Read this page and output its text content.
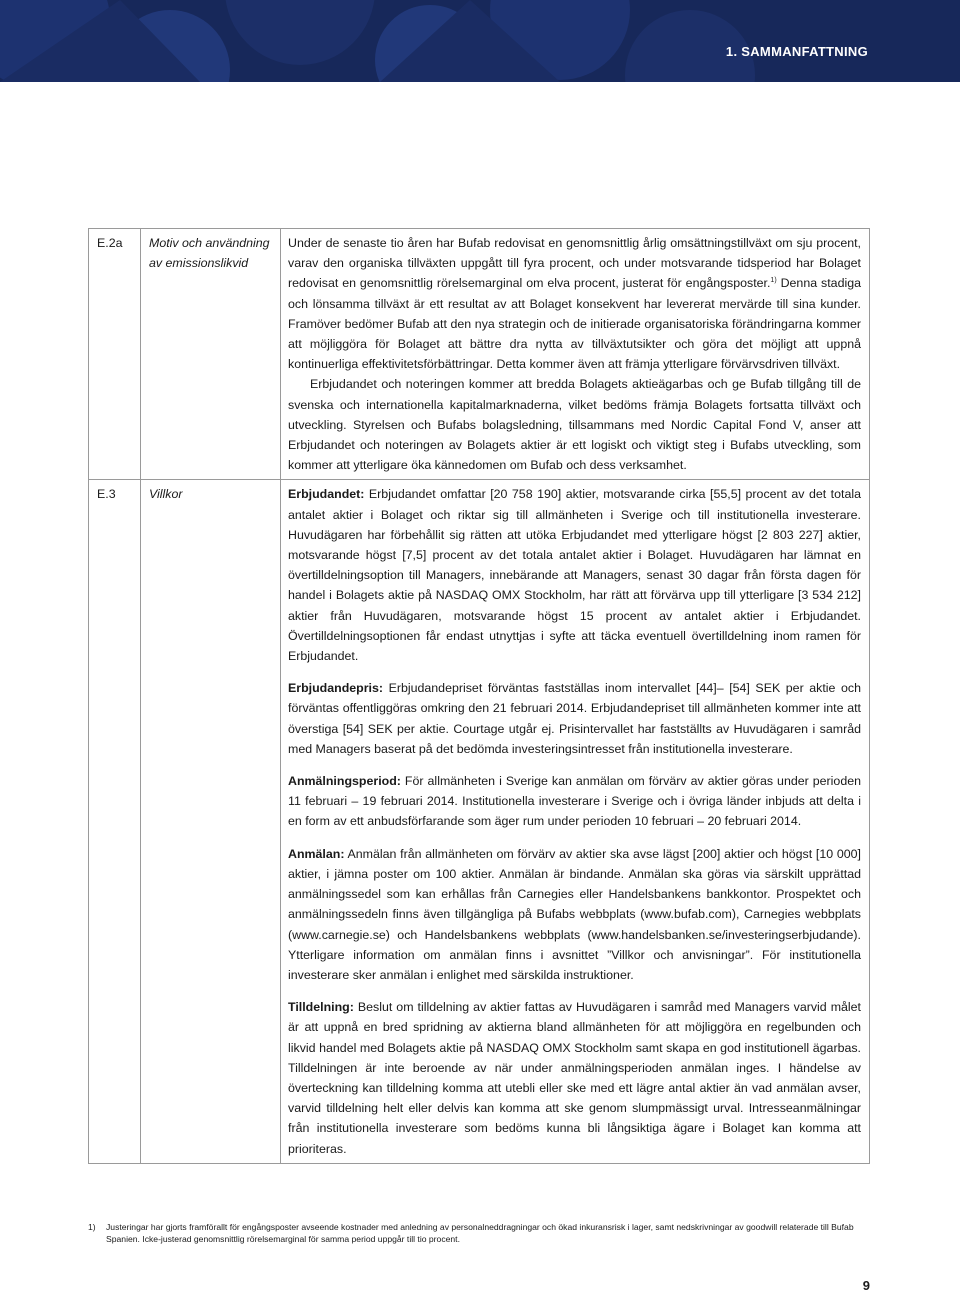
1. SAMMANFATTNING
E.2a	Motiv och användning av emissionslikvid	Under de senaste tio åren har Bufab redovisat en genomsnittlig årlig omsättningstillväxt om sju procent, varav den organiska tillväxten uppgått till fyra procent, och under motsvarande tidsperiod har Bolaget redovisat en genomsnittlig rörelsemarginal om elva procent, justerat för engångsposter.$^{1)}$ Denna stadiga och lönsamma tillväxt är ett resultat av att Bolaget konsekvent har levererat mervärde till sina kunder. Framöver bedömer Bufab att den nya strategin och de initierade organisatoriska förändringarna kommer att möjliggöra för Bolaget att bättre dra nytta av tillväxtutsikter och göra det möjligt att uppnå kontinuerliga effektivitetsförbättringar. Detta kommer även att främja ytterligare förvärvsdriven tillväxt.

Erbjudandet och noteringen kommer att bredda Bolagets aktieägarbas och ge Bufab tillgång till de svenska och internationella kapitalmarknaderna, vilket bedöms främja Bolagets fortsatta tillväxt och utveckling. Styrelsen och Bufabs bolagsledning, tillsammans med Nordic Capital Fond V, anser att Erbjudandet och noteringen av Bolagets aktier är ett logiskt och viktigt steg i Bufabs utveckling, som kommer att ytterligare öka kännedomen om Bufab och dess verksamhet.

E.3	Villkor	Erbjudandet: Erbjudandet omfattar [20 758 190] aktier, motsvarande cirka [55,5] procent av det totala antalet aktier i Bolaget och riktar sig till allmänheten i Sverige och till institutionella investerare. Huvudägaren har förbehållit sig rätten att utöka Erbjudandet med ytterligare högst [2 803 227] aktier, motsvarande högst [7,5] procent av det totala antalet aktier i Bolaget. Huvudägaren har lämnat en övertilldelningsoption till Managers, innebärande att Managers, senast 30 dagar från första dagen för handel i Bolagets aktie på NASDAQ OMX Stockholm, har rätt att förvärva upp till ytterligare [3 534 212] aktier från Huvudägaren, motsvarande högst 15 procent av antalet aktier i Erbjudandet. Övertilldelningsoptionen får endast utnyttjas i syfte att täcka eventuell övertilldelning inom ramen för Erbjudandet.

Erbjudandepris: Erbjudandepriset förväntas fastställas inom intervallet [44]– [54] SEK per aktie och förväntas offentliggöras omkring den 21 februari 2014. Erbjudandepriset till allmänheten kommer inte att överstiga [54] SEK per aktie. Courtage utgår ej. Prisintervallet har fastställts av Huvudägaren i samråd med Managers baserat på det bedömda investeringsintresset från institutionella investerare.

Anmälningsperiod: För allmänheten i Sverige kan anmälan om förvärv av aktier göras under perioden 11 februari – 19 februari 2014. Institutionella investerare i Sverige och i övriga länder inbjuds att delta i en form av ett anbudsförfarande som äger rum under perioden 10 februari – 20 februari 2014.

Anmälan: Anmälan från allmänheten om förvärv av aktier ska avse lägst [200] aktier och högst [10 000] aktier, i jämna poster om 100 aktier. Anmälan är bindande. Anmälan ska göras via särskilt upprättad anmälningssedel som kan erhållas från Carnegies eller Handelsbankens bankkontor. Prospektet och anmälningssedeln finns även tillgängliga på Bufabs webbplats (www.bufab.com), Carnegies webbplats (www.carnegie.se) och Handelsbankens webbplats (www.handelsbanken.se/investeringserbjudande). Ytterligare information om anmälan finns i avsnittet ”Villkor och anvisningar”. För institutionella investerare sker anmälan i enlighet med särskilda instruktioner.

Tilldelning: Beslut om tilldelning av aktier fattas av Huvudägaren i samråd med Managers varvid målet är att uppnå en bred spridning av aktierna bland allmänheten för att möjliggöra en regelbunden och likvid handel med Bolagets aktie på NASDAQ OMX Stockholm samt skapa en god institutionell ägarbas. Tilldelningen är inte beroende av när under anmälningsperioden anmälan inges. I händelse av överteckning kan tilldelning komma att utebli eller ske med ett lägre antal aktier än vad anmälan avser, varvid tilldelning helt eller delvis kan komma att ske genom slumpmässigt urval. Intresseanmälningar från institutionella investerare som bedöms kunna bli långsiktiga ägare i Bolaget kan komma att prioriteras.

1) Justeringar har gjorts framförallt för engångsposter avseende kostnader med anledning av personalneddragningar och ökad inkuransrisk i lager, samt nedskrivningar av goodwill relaterade till Bufab Spanien. Icke-justerad genomsnittlig rörelsemarginal för samma period uppgår till tio procent.
9
